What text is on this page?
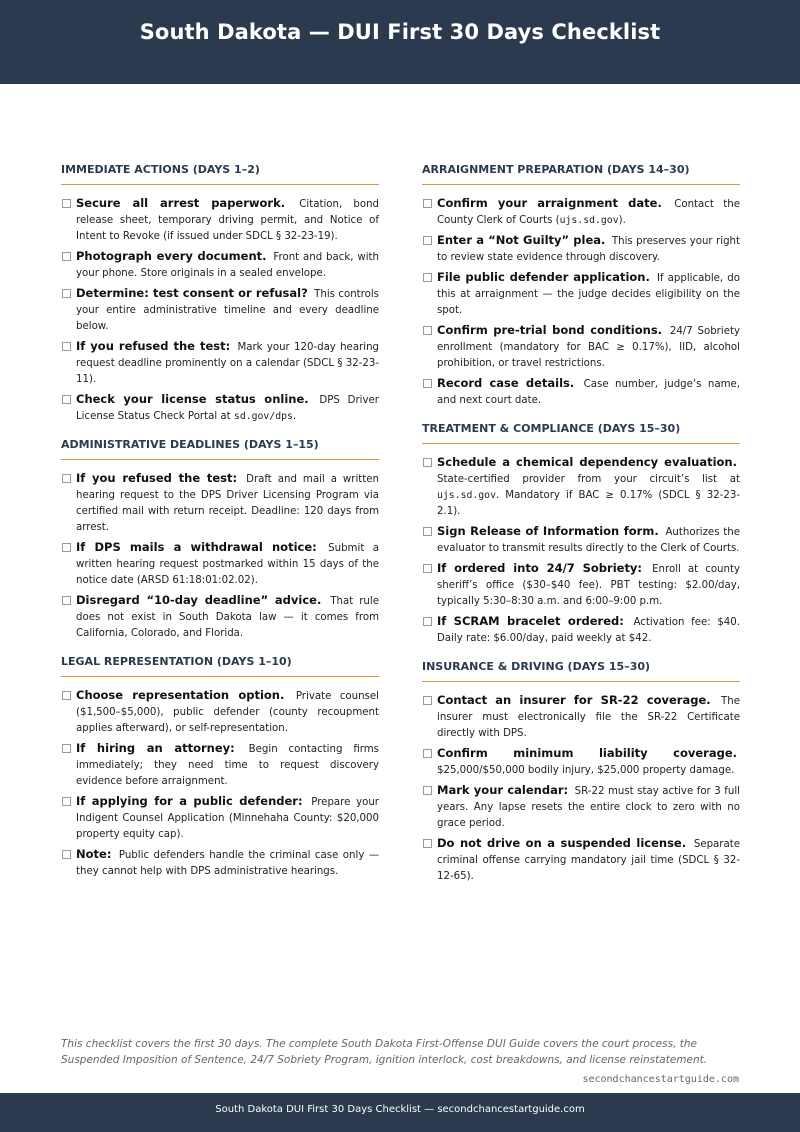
South Dakota — DUI First 30 Days Checklist
IMMEDIATE ACTIONS (DAYS 1–2)
Secure all arrest paperwork. Citation, bond release sheet, temporary driving permit, and Notice of Intent to Revoke (if issued under SDCL § 32-23-19).
Photograph every document. Front and back, with your phone. Store originals in a sealed envelope.
Determine: test consent or refusal? This controls your entire administrative timeline and every deadline below.
If you refused the test: Mark your 120-day hearing request deadline prominently on a calendar (SDCL § 32-23-11).
Check your license status online. DPS Driver License Status Check Portal at sd.gov/dps.
ADMINISTRATIVE DEADLINES (DAYS 1–15)
If you refused the test: Draft and mail a written hearing request to the DPS Driver Licensing Program via certified mail with return receipt. Deadline: 120 days from arrest.
If DPS mails a withdrawal notice: Submit a written hearing request postmarked within 15 days of the notice date (ARSD 61:18:01:02.02).
Disregard “10-day deadline” advice. That rule does not exist in South Dakota law — it comes from California, Colorado, and Florida.
LEGAL REPRESENTATION (DAYS 1–10)
Choose representation option. Private counsel ($1,500–$5,000), public defender (county recoupment applies afterward), or self-representation.
If hiring an attorney: Begin contacting firms immediately; they need time to request discovery evidence before arraignment.
If applying for a public defender: Prepare your Indigent Counsel Application (Minnehaha County: $20,000 property equity cap).
Note: Public defenders handle the criminal case only — they cannot help with DPS administrative hearings.
ARRAIGNMENT PREPARATION (DAYS 14–30)
Confirm your arraignment date. Contact the County Clerk of Courts (ujs.sd.gov).
Enter a “Not Guilty” plea. This preserves your right to review state evidence through discovery.
File public defender application. If applicable, do this at arraignment — the judge decides eligibility on the spot.
Confirm pre-trial bond conditions. 24/7 Sobriety enrollment (mandatory for BAC ≥ 0.17%), IID, alcohol prohibition, or travel restrictions.
Record case details. Case number, judge’s name, and next court date.
TREATMENT & COMPLIANCE (DAYS 15–30)
Schedule a chemical dependency evaluation. State-certified provider from your circuit’s list at ujs.sd.gov. Mandatory if BAC ≥ 0.17% (SDCL § 32-23-2.1).
Sign Release of Information form. Authorizes the evaluator to transmit results directly to the Clerk of Courts.
If ordered into 24/7 Sobriety: Enroll at county sheriff’s office ($30–$40 fee). PBT testing: $2.00/day, typically 5:30–8:30 a.m. and 6:00–9:00 p.m.
If SCRAM bracelet ordered: Activation fee: $40. Daily rate: $6.00/day, paid weekly at $42.
INSURANCE & DRIVING (DAYS 15–30)
Contact an insurer for SR-22 coverage. The insurer must electronically file the SR-22 Certificate directly with DPS.
Confirm minimum liability coverage. $25,000/$50,000 bodily injury, $25,000 property damage.
Mark your calendar: SR-22 must stay active for 3 full years. Any lapse resets the entire clock to zero with no grace period.
Do not drive on a suspended license. Separate criminal offense carrying mandatory jail time (SDCL § 32-12-65).
This checklist covers the first 30 days. The complete South Dakota First-Offense DUI Guide covers the court process, the Suspended Imposition of Sentence, 24/7 Sobriety Program, ignition interlock, cost breakdowns, and license reinstatement.
secondchancestartguide.com
South Dakota DUI First 30 Days Checklist — secondchancestartguide.com
